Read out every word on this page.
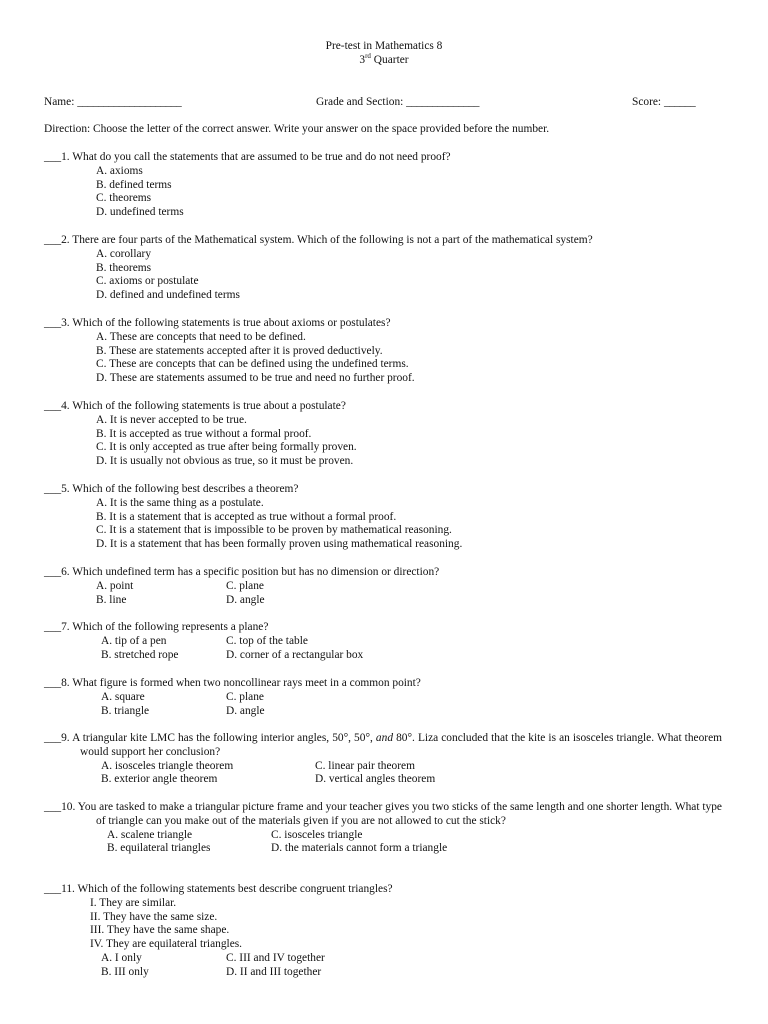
Pre-test in Mathematics 8
3rd Quarter
Name: ____________________	Grade and Section: ______________	Score: ______
Direction: Choose the letter of the correct answer. Write your answer on the space provided before the number.
___1. What do you call the statements that are assumed to be true and do not need proof?
A. axioms
B. defined terms
C. theorems
D. undefined terms
___2. There are four parts of the Mathematical system. Which of the following is not a part of the mathematical system?
A. corollary
B. theorems
C. axioms or postulate
D. defined and undefined terms
___3. Which of the following statements is true about axioms or postulates?
A. These are concepts that need to be defined.
B. These are statements accepted after it is proved deductively.
C. These are concepts that can be defined using the undefined terms.
D. These are statements assumed to be true and need no further proof.
___4. Which of the following statements is true about a postulate?
A. It is never accepted to be true.
B. It is accepted as true without a formal proof.
C. It is only accepted as true after being formally proven.
D. It is usually not obvious as true, so it must be proven.
___5. Which of the following best describes a theorem?
A. It is the same thing as a postulate.
B. It is a statement that is accepted as true without a formal proof.
C. It is a statement that is impossible to be proven by mathematical reasoning.
D. It is a statement that has been formally proven using mathematical reasoning.
___6. Which undefined term has a specific position but has no dimension or direction?
A. point	C. plane
B. line	D. angle
___7. Which of the following represents a plane?
A. tip of a pen	C. top of the table
B. stretched rope	D. corner of a rectangular box
___8. What figure is formed when two noncollinear rays meet in a common point?
A. square	C. plane
B. triangle	D. angle
___9. A triangular kite LMC has the following interior angles, 50°, 50°, and 80°. Liza concluded that the kite is an isosceles triangle. What theorem would support her conclusion?
A. isosceles triangle theorem	C. linear pair theorem
B. exterior angle theorem	D. vertical angles theorem
___10. You are tasked to make a triangular picture frame and your teacher gives you two sticks of the same length and one shorter length. What type of triangle can you make out of the materials given if you are not allowed to cut the stick?
A. scalene triangle	C. isosceles triangle
B. equilateral triangles	D. the materials cannot form a triangle
___11. Which of the following statements best describe congruent triangles?
I. They are similar.
II. They have the same size.
III. They have the same shape.
IV. They are equilateral triangles.
A. I only	C. III and IV together
B. III only	D. II and III together
